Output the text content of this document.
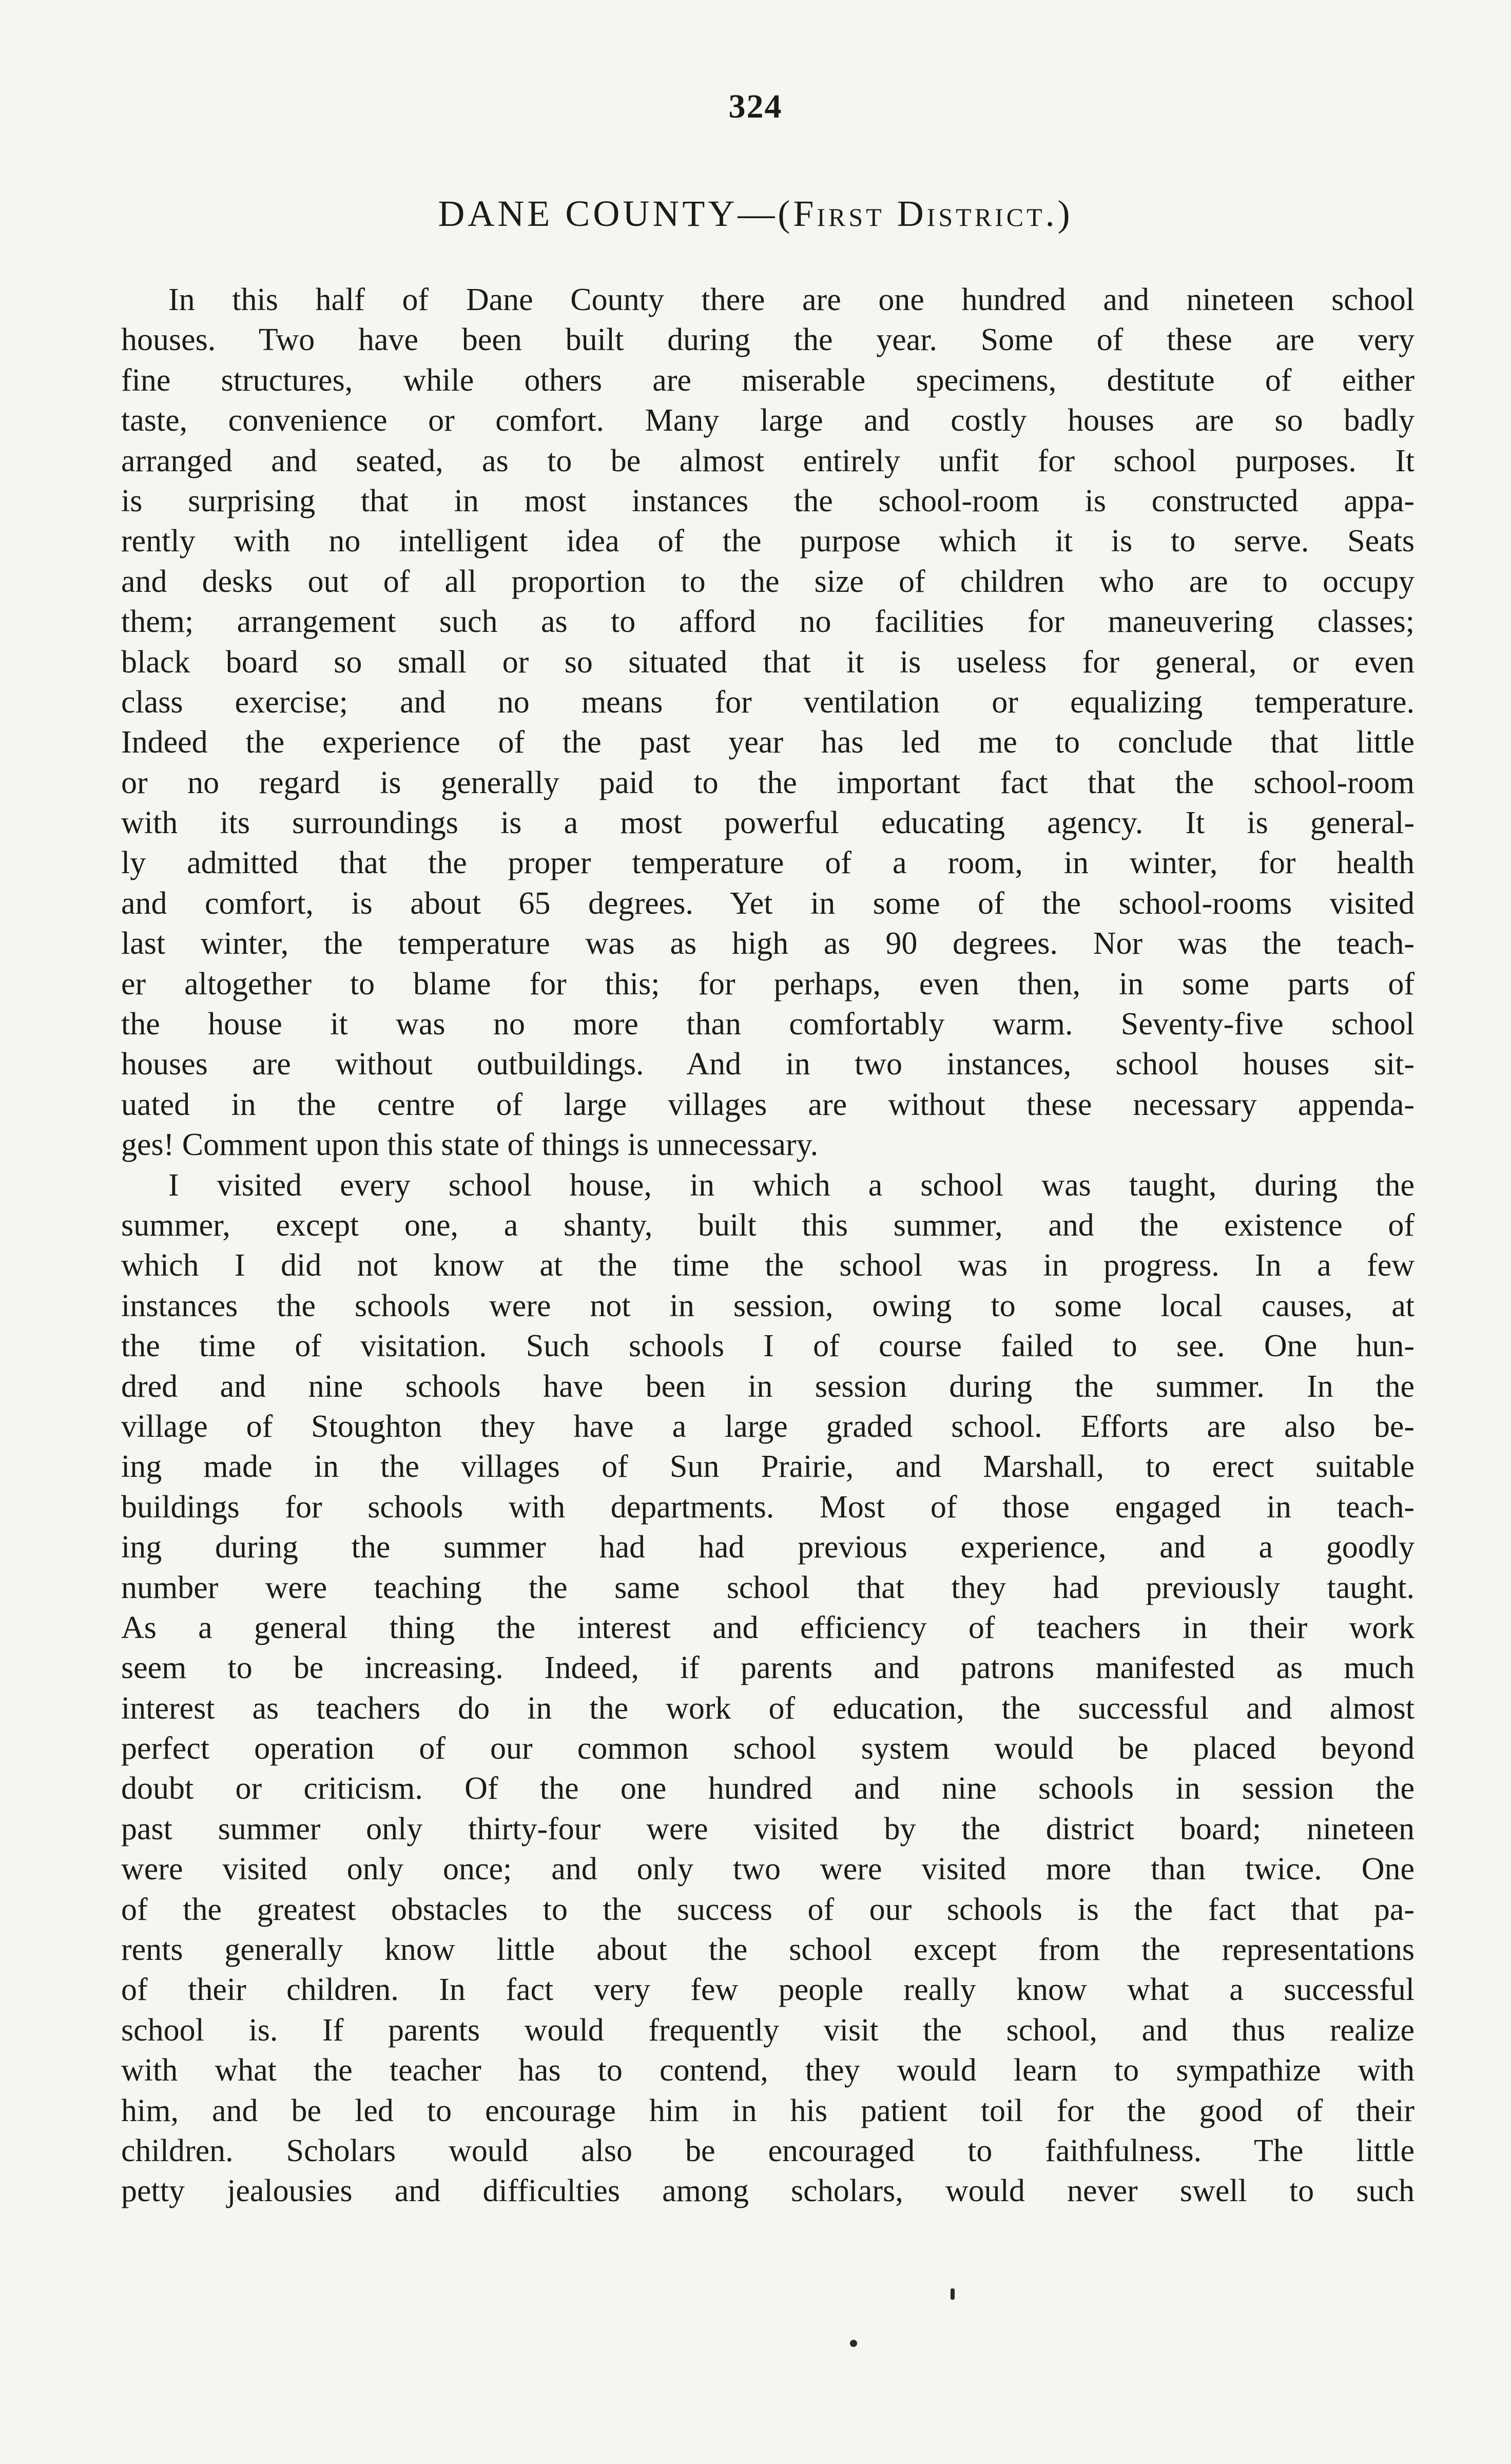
324
DANE COUNTY—(First District.)
In this half of Dane County there are one hundred and nineteen school
houses. Two have been built during the year. Some of these are very
fine structures, while others are miserable specimens, destitute of either
taste, convenience or comfort. Many large and costly houses are so badly
arranged and seated, as to be almost entirely unfit for school purposes. It
is surprising that in most instances the school-room is constructed appa-
rently with no intelligent idea of the purpose which it is to serve. Seats
and desks out of all proportion to the size of children who are to occupy
them; arrangement such as to afford no facilities for maneuvering classes;
black board so small or so situated that it is useless for general, or even
class exercise; and no means for ventilation or equalizing temperature.
Indeed the experience of the past year has led me to conclude that little
or no regard is generally paid to the important fact that the school-room
with its surroundings is a most powerful educating agency. It is general-
ly admitted that the proper temperature of a room, in winter, for health
and comfort, is about 65 degrees. Yet in some of the school-rooms visited
last winter, the temperature was as high as 90 degrees. Nor was the teach-
er altogether to blame for this; for perhaps, even then, in some parts of
the house it was no more than comfortably warm. Seventy-five school
houses are without outbuildings. And in two instances, school houses sit-
uated in the centre of large villages are without these necessary appenda-
ges! Comment upon this state of things is unnecessary.
I visited every school house, in which a school was taught, during the
summer, except one, a shanty, built this summer, and the existence of
which I did not know at the time the school was in progress. In a few
instances the schools were not in session, owing to some local causes, at
the time of visitation. Such schools I of course failed to see. One hun-
dred and nine schools have been in session during the summer. In the
village of Stoughton they have a large graded school. Efforts are also be-
ing made in the villages of Sun Prairie, and Marshall, to erect suitable
buildings for schools with departments. Most of those engaged in teach-
ing during the summer had had previous experience, and a goodly
number were teaching the same school that they had previously taught.
As a general thing the interest and efficiency of teachers in their work
seem to be increasing. Indeed, if parents and patrons manifested as much
interest as teachers do in the work of education, the successful and almost
perfect operation of our common school system would be placed beyond
doubt or criticism. Of the one hundred and nine schools in session the
past summer only thirty-four were visited by the district board; nineteen
were visited only once; and only two were visited more than twice. One
of the greatest obstacles to the success of our schools is the fact that pa-
rents generally know little about the school except from the representations
of their children. In fact very few people really know what a successful
school is. If parents would frequently visit the school, and thus realize
with what the teacher has to contend, they would learn to sympathize with
him, and be led to encourage him in his patient toil for the good of their
children. Scholars would also be encouraged to faithfulness. The little
petty jealousies and difficulties among scholars, would never swell to such
